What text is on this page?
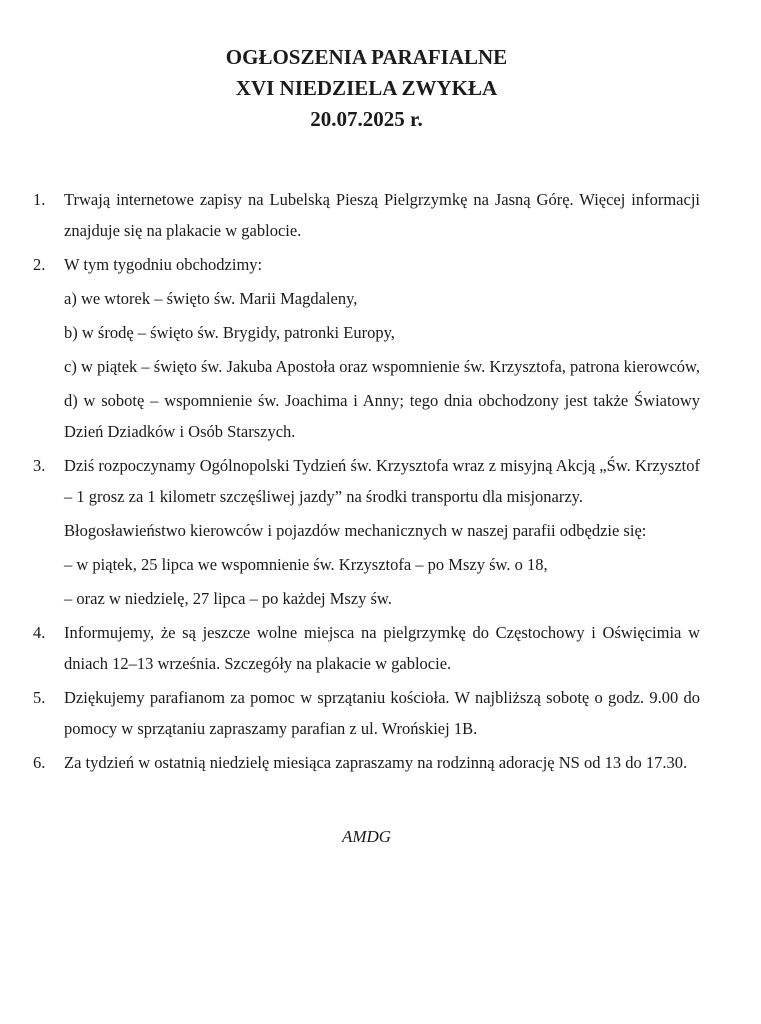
OGŁOSZENIA PARAFIALNE
XVI NIEDZIELA ZWYKŁA
20.07.2025 r.
1.	Trwają internetowe zapisy na Lubelską Pieszą Pielgrzymkę na Jasną Górę. Więcej informacji znajduje się na plakacie w gablocie.

2.	W tym tygodniu obchodzimy:

a) we wtorek – święto św. Marii Magdaleny,

b) w środę – święto św. Brygidy, patronki Europy,

c) w piątek – święto św. Jakuba Apostoła oraz wspomnienie św. Krzysztofa, patrona kierowców,

d) w sobotę – wspomnienie św. Joachima i Anny; tego dnia obchodzony jest także Światowy Dzień Dziadków i Osób Starszych.

3.	Dziś rozpoczynamy Ogólnopolski Tydzień św. Krzysztofa wraz z misyjną Akcją „Św. Krzysztof – 1 grosz za 1 kilometr szczęśliwej jazdy” na środki transportu dla misjonarzy.

Błogosławieństwo kierowców i pojazdów mechanicznych w naszej parafii odbędzie się:

– w piątek, 25 lipca we wspomnienie św. Krzysztofa – po Mszy św. o 18,

– oraz w niedzielę, 27 lipca – po każdej Mszy św.

4.	Informujemy, że są jeszcze wolne miejsca na pielgrzymkę do Częstochowy i Oświęcimia w dniach 12–13 września. Szczegóły na plakacie w gablocie.

5.	Dziękujemy parafianom za pomoc w sprzątaniu kościoła. W najbliższą sobotę o godz. 9.00 do pomocy w sprzątaniu zapraszamy parafian z ul. Wrońskiej 1B.

6.	Za tydzień w ostatnią niedzielę miesiąca zapraszamy na rodzinną adorację NS od 13 do 17.30.

AMDG
